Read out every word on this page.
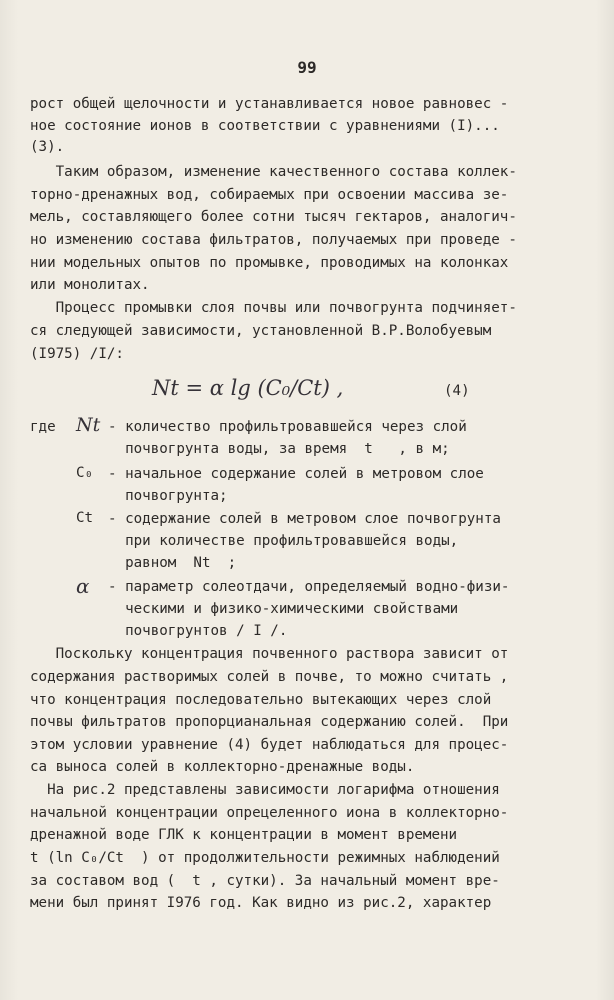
99
рост общей щелочности и устанавливается новое равновес -
ное состояние ионов в соответствии с уравнениями (I)...
(3).
Таким образом, изменение качественного состава коллек-
торно-дренажных вод, собираемых при освоении массива зе-
мель, составляющего более сотни тысяч гектаров, аналогич-
но изменению состава фильтратов, получаемых при проведе -
нии модельных опытов по промывке, проводимых на колонках
или монолитах.
Процесс промывки слоя почвы или почвогрунта подчиняет-
ся следующей зависимости, установленной В.Р.Волобуевым
(I975) /I/:
Nt = α lg (C₀/Ct) ,	(4)
где Nt - количество профильтровавшейся через слой
почвогрунта воды, за время  t   , в м;
C₀ - начальное содержание солей в метровом слое
почвогрунта;
Ct - содержание солей в метровом слое почвогрунта
при количестве профильтровавшейся воды,
равном  Nt  ;
α - параметр солеотдачи, определяемый водно-физи-
ческими и физико-химическими свойствами
почвогрунтов / I /.
Поскольку концентрация почвенного раствора зависит от
содержания растворимых солей в почве, то можно считать ,
что концентрация последовательно вытекающих через слой
почвы фильтратов пропорцианальная содержанию солей.  При
этом условии уравнение (4) будет наблюдаться для процес-
са выноса солей в коллекторно-дренажные воды.
На рис.2 представлены зависимости логарифма отношения
начальной концентрации опрецеленного иона в коллекторно-
дренажной воде ГЛК к концентрации в момент времени
t (ln C₀/Ct  ) от продолжительности режимных наблюдений
за составом вод (  t , сутки). За начальный момент вре-
мени был принят I976 год. Как видно из рис.2, характер
